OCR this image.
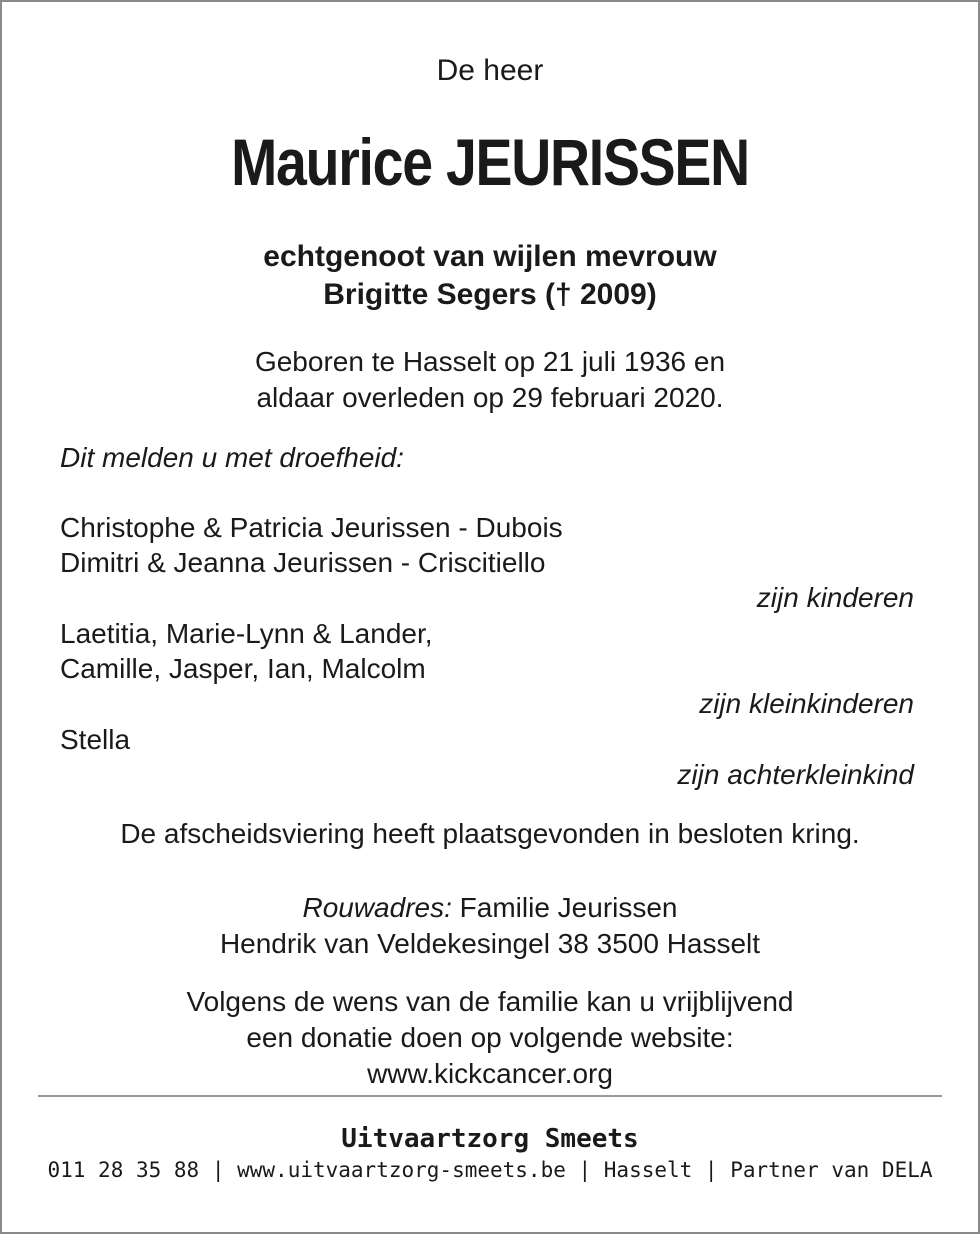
De heer
Maurice JEURISSEN
echtgenoot van wijlen mevrouw
Brigitte Segers († 2009)
Geboren te Hasselt op 21 juli 1936 en
aldaar overleden op 29 februari 2020.
Dit melden u met droefheid:
Christophe & Patricia Jeurissen - Dubois
Dimitri & Jeanna Jeurissen - Criscitiello
zijn kinderen
Laetitia, Marie-Lynn & Lander,
Camille, Jasper, Ian, Malcolm
zijn kleinkinderen
Stella
zijn achterkleinkind
De afscheidsviering heeft plaatsgevonden in besloten kring.
Rouwadres: Familie Jeurissen
Hendrik van Veldekesingel 38 3500 Hasselt
Volgens de wens van de familie kan u vrijblijvend
een donatie doen op volgende website:
www.kickcancer.org
Uitvaartzorg Smeets
011 28 35 88 | www.uitvaartzorg-smeets.be | Hasselt | Partner van DELA
